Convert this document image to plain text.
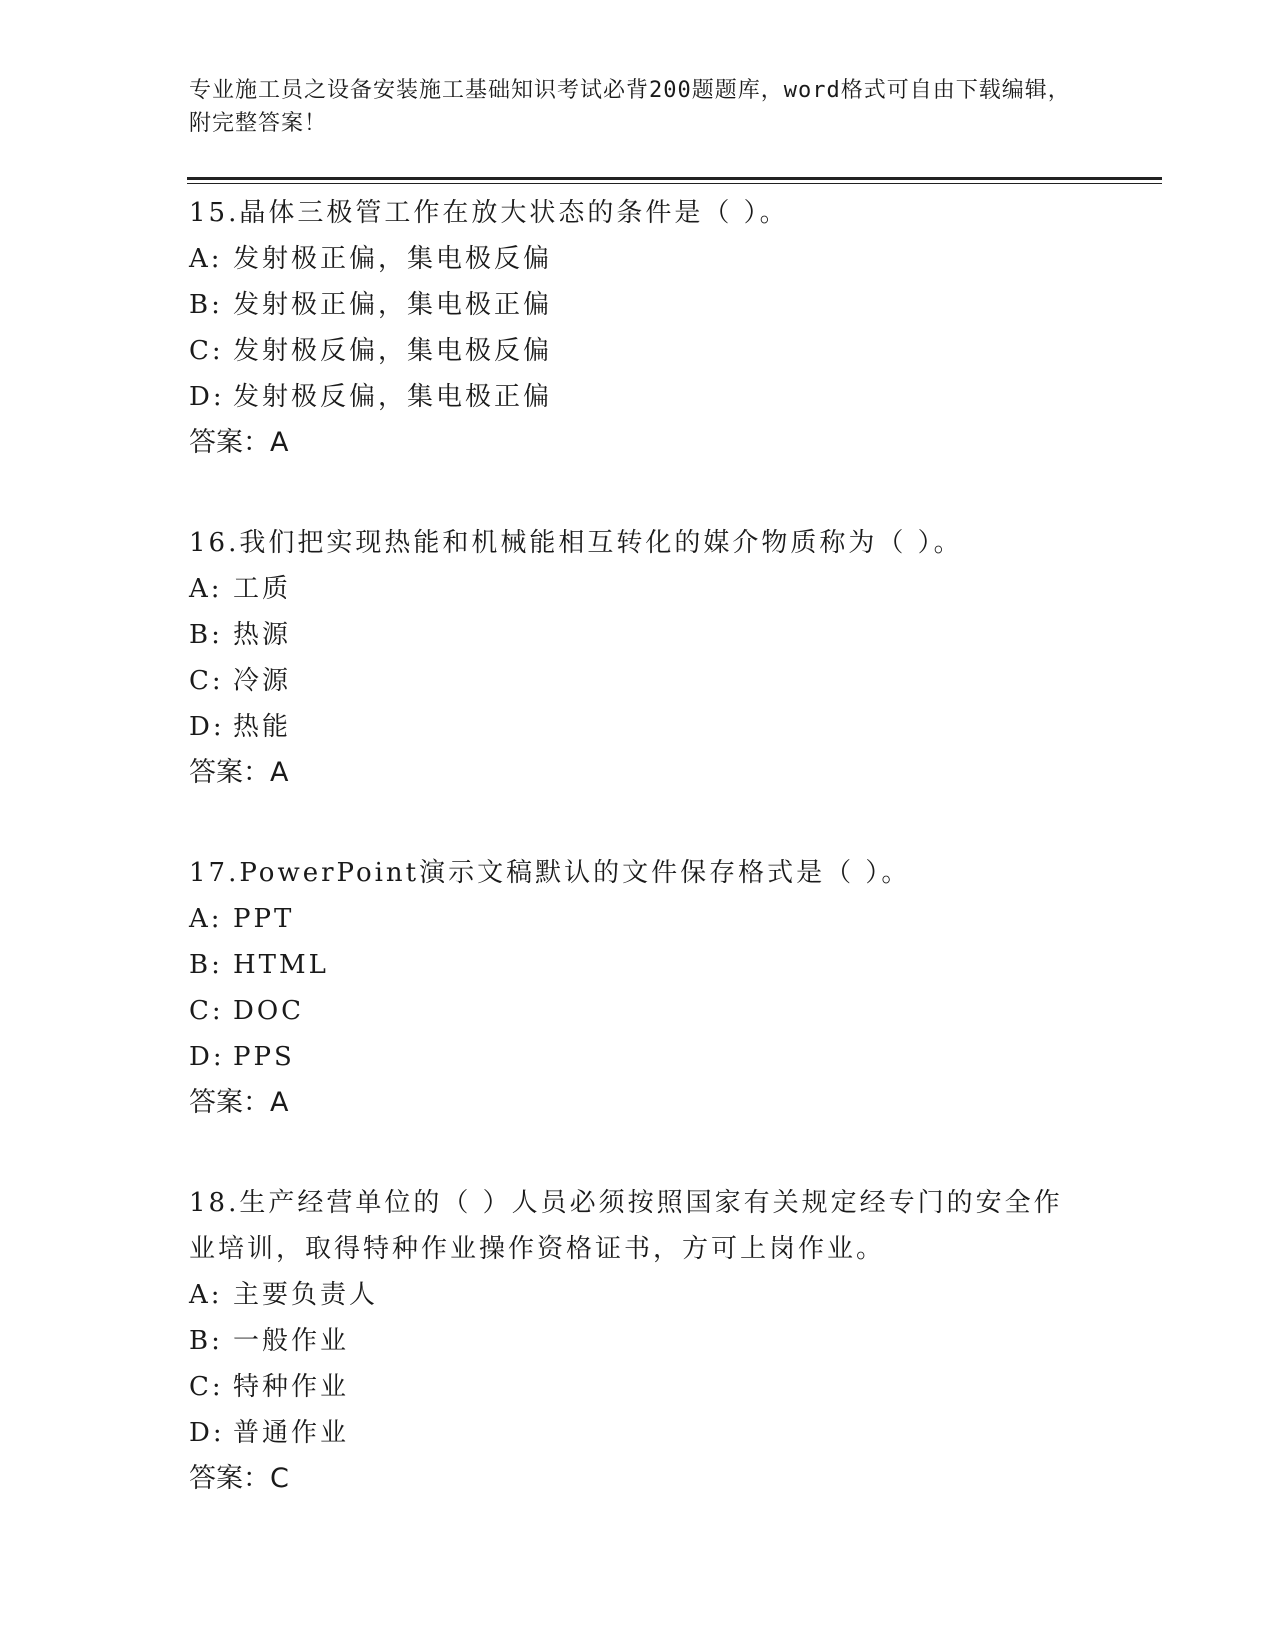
专业施工员之设备安装施工基础知识考试必背200题题库，word格式可自由下载编辑，附完整答案！
15.晶体三极管工作在放大状态的条件是（ ）。
A: 发射极正偏，集电极反偏
B: 发射极正偏，集电极正偏
C: 发射极反偏，集电极反偏
D: 发射极反偏，集电极正偏
答案：A
16.我们把实现热能和机械能相互转化的媒介物质称为（ ）。
A: 工质
B: 热源
C: 冷源
D: 热能
答案：A
17.PowerPoint演示文稿默认的文件保存格式是（ ）。
A: PPT
B: HTML
C: DOC
D: PPS
答案：A
18.生产经营单位的（ ）人员必须按照国家有关规定经专门的安全作业培训，取得特种作业操作资格证书，方可上岗作业。
A: 主要负责人
B: 一般作业
C: 特种作业
D: 普通作业
答案：C
